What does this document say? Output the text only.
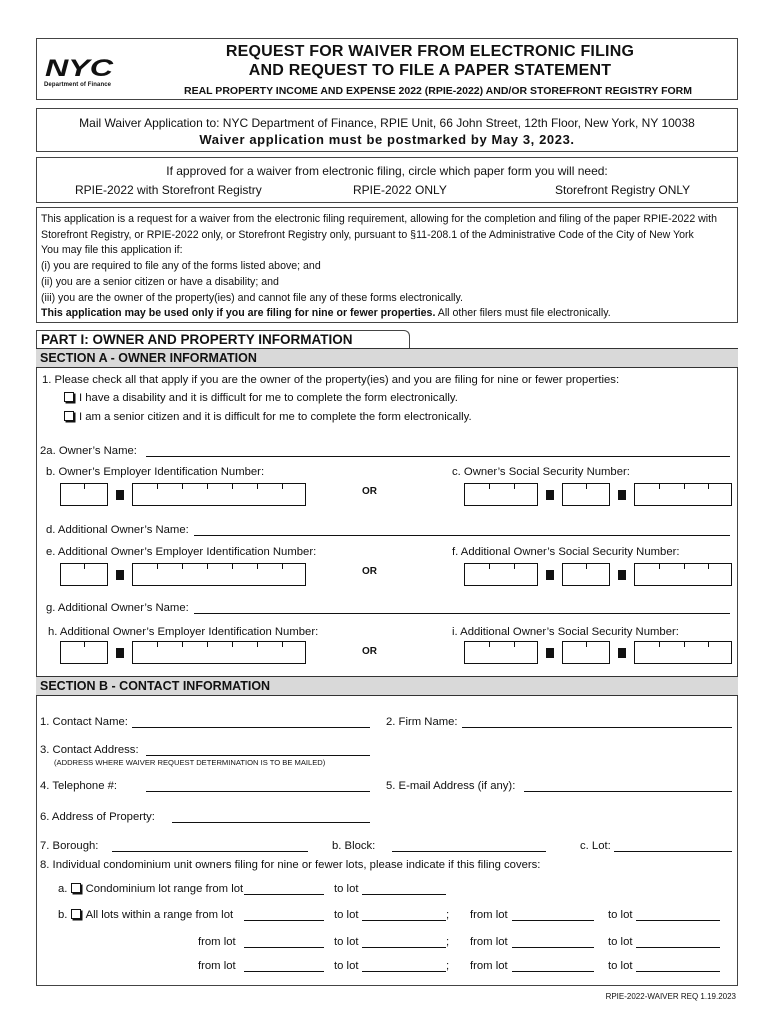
NYC
Department of Finance
REQUEST FOR WAIVER FROM ELECTRONIC FILING
AND REQUEST TO FILE A PAPER STATEMENT
REAL PROPERTY INCOME AND EXPENSE 2022 (RPIE-2022) AND/OR STOREFRONT REGISTRY FORM
Mail Waiver Application to: NYC Department of Finance, RPIE Unit, 66 John Street, 12th Floor, New York, NY 10038
Waiver application must be postmarked by May 3, 2023.
If approved for a waiver from electronic filing, circle which paper form you will need:
RPIE-2022 with Storefront Registry	RPIE-2022 ONLY	Storefront Registry ONLY
This application is a request for a waiver from the electronic filing requirement, allowing for the completion and filing of the paper RPIE-2022 with Storefront Registry, or RPIE-2022 only, or Storefront Registry only, pursuant to §11-208.1 of the Administrative Code of the City of New York
You may file this application if:
(i) you are required to file any of the forms listed above; and
(ii) you are a senior citizen or have a disability; and
(iii) you are the owner of the property(ies) and cannot file any of these forms electronically.
This application may be used only if you are filing for nine or fewer properties. All other filers must file electronically.
PART I: OWNER AND PROPERTY INFORMATION
SECTION A - OWNER INFORMATION
1. Please check all that apply if you are the owner of the property(ies) and you are filing for nine or fewer properties:
I have a disability and it is difficult for me to complete the form electronically.
I am a senior citizen and it is difficult for me to complete the form electronically.
2a. Owner’s Name:
b. Owner’s Employer Identification Number:	c. Owner’s Social Security Number:
OR
d. Additional Owner’s Name:
e. Additional Owner’s Employer Identification Number:	f. Additional Owner’s Social Security Number:
OR
g. Additional Owner’s Name:
h. Additional Owner’s Employer Identification Number:	i. Additional Owner’s Social Security Number:
OR
SECTION B - CONTACT INFORMATION
1. Contact Name:	2. Firm Name:
3. Contact Address:
(ADDRESS WHERE WAIVER REQUEST DETERMINATION IS TO BE MAILED)
4. Telephone #:	5. E-mail Address (if any):
6. Address of Property:
7. Borough:	b. Block:	c. Lot:
8. Individual condominium unit owners filing for nine or fewer lots, please indicate if this filing covers:
a. Condominium lot range from lot	to lot
b. All lots within a range from lot	to lot	; from lot	to lot
from lot	to lot	; from lot	to lot
from lot	to lot	; from lot	to lot
RPIE-2022-WAIVER REQ 1.19.2023
